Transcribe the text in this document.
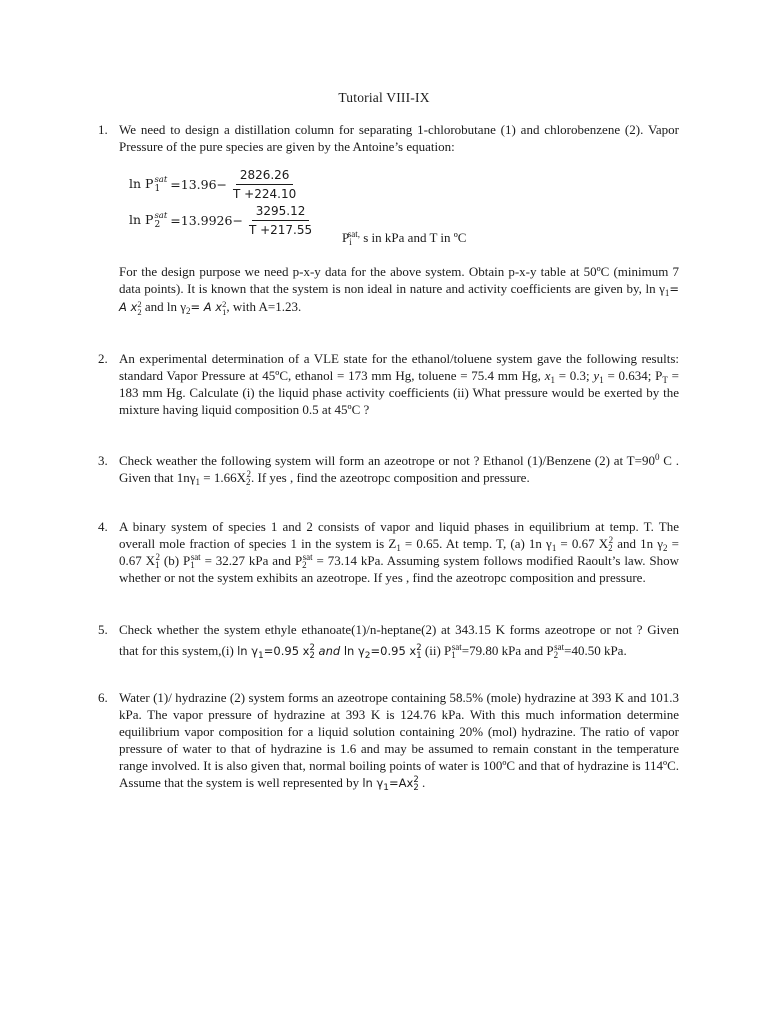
Tutorial VIII-IX
1. We need to design a distillation column for separating 1-chlorobutane (1) and chlorobenzene (2). Vapor Pressure of the pure species are given by the Antoine’s equation:

ln P sat
$1 =13.96- \frac{2826.26}{T +224.10}$
ln P sat
$2 =13.9926- \frac{3295.12}{T +217.55} P_i^{sat,}$ s in kPa and T in ºC

For the design purpose we need p-x-y data for the above system. Obtain p-x-y table at 50ºC (minimum 7 data points). It is known that the system is non ideal in nature and activity coefficients are given by, $\ln \gamma_1= A$ x 2
2 and $\ln \gamma_2= A$ x 2
1 , with A=1.23.

2. An experimental determination of a VLE state for the ethanol/toluene system gave the following results: standard Vapor Pressure at 45ºC, ethanol = 173 mm Hg, toluene = 75.4 mm Hg, $x_1 = 0.3$; $y_1 = 0.634$; $P_T = 183$ mm Hg. Calculate (i) the liquid phase activity coefficients (ii) What pressure would be exerted by the mixture having liquid composition 0.5 at 45ºC ?

3. Check weather the following system will form an azeotrope or not ? Ethanol (1)/Benzene (2) at $T=90^0$ C . Given that $1n\gamma_1 = 1.66X_2^2$. If yes , find the azeotropc composition and pressure.

4. A binary system of species 1 and 2 consists of vapor and liquid phases in equilibrium at temp. T. The overall mole fraction of species 1 in the system is $Z_1 = 0.65$. At temp. T, (a) 1n $\gamma_1 = 0.67$ $X_2^2$ and 1n $\gamma_2 = 0.67$ $X_1^2$ (b) $P_1^{sat} = 32.27$ kPa and $P_2^{sat} = 73.14$ kPa. Assuming system follows modified Raoult’s law. Show whether or not the system exhibits an azeotrope. If yes , find the azeotropc composition and pressure.

5. Check whether the system ethyle ethanoate(1)/n-heptane(2) at 343.15 K forms azeotrope or not ? Given that for this system,(i) $\ln \gamma_1=0.95$ x 2
2 and $\ln \gamma_2=0.95$ x 2
1 (ii) $P_1^{sat}=79.80$ kPa and $P_2^{sat}=40.50$ kPa.

6. Water (1)/ hydrazine (2) system forms an azeotrope containing 58.5% (mole) hydrazine at 393 K and 101.3 kPa. The vapor pressure of hydrazine at 393 K is 124.76 kPa. With this much information determine equilibrium vapor composition for a liquid solution containing 20% (mol) hydrazine. The ratio of vapor pressure of water to that of hydrazine is 1.6 and may be assumed to remain constant in the temperature range involved. It is also given that, normal boiling points of water is 100ºC and that of hydrazine is 114ºC. Assume that the system is well represented by $\ln \gamma_1=Ax$ 2
2 .
